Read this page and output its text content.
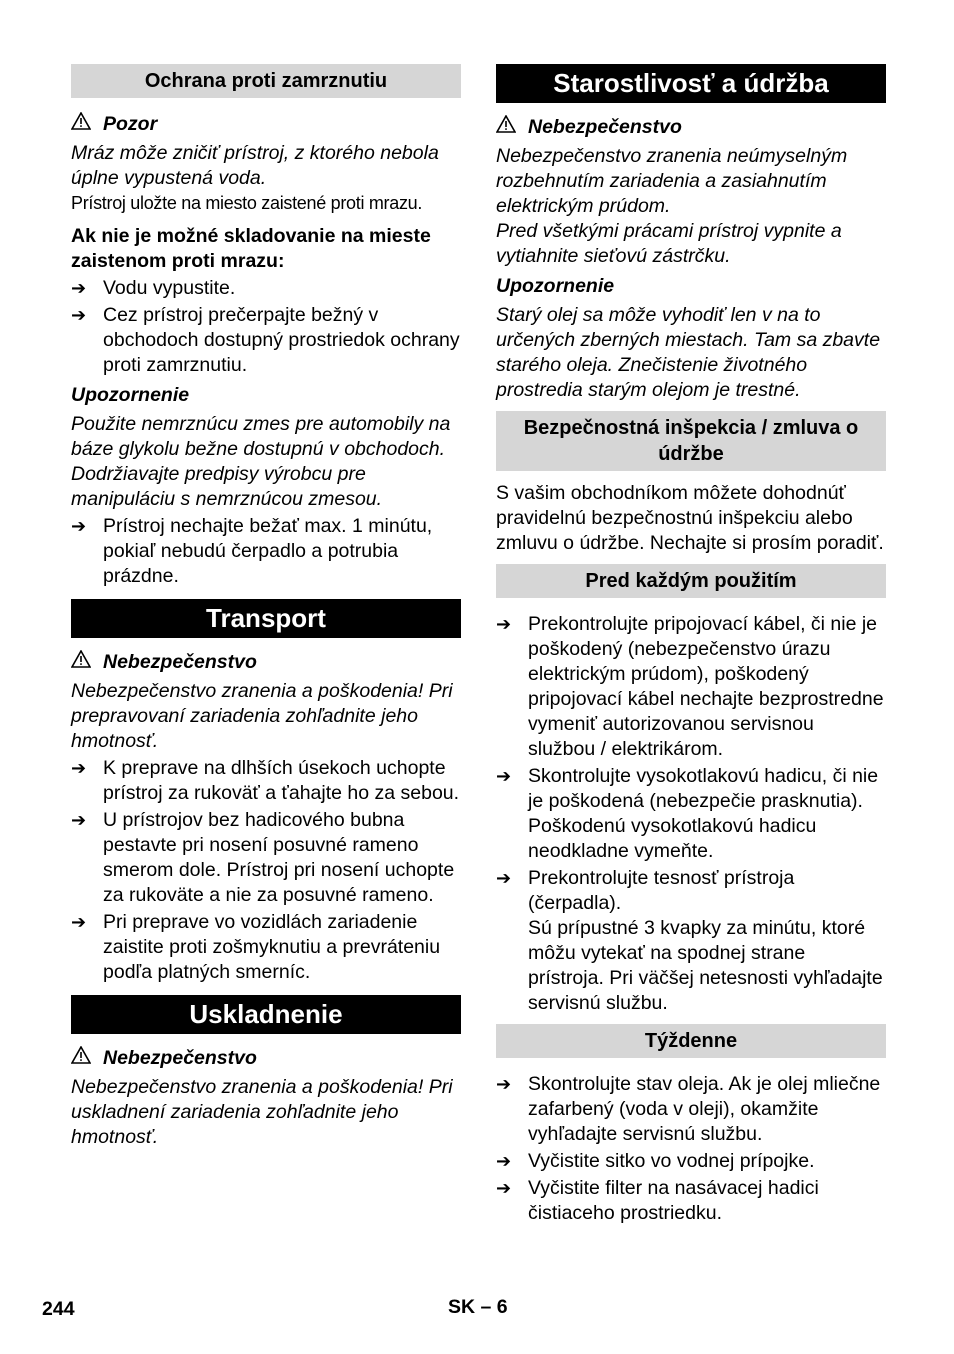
Ochrana proti zamrznutiu
Pozor

Mráz môže zničiť prístroj, z ktorého nebola úplne vypustená voda.

Prístroj uložte na miesto zaistené proti mrazu.

Ak nie je možné skladovanie na mieste zaistenom proti mrazu:

➔ Vodu vypustite.
➔ Cez prístroj prečerpajte bežný v obchodoch dostupný prostriedok ochrany proti zamrznutiu.
Upozornenie

Použite nemrznúcu zmes pre automobily na báze glykolu bežne dostupnú v obchodoch.

Dodržiavajte predpisy výrobcu pre manipuláciu s nemrznúcou zmesou.

➔ Prístroj nechajte bežať max. 1 minútu, pokiaľ nebudú čerpadlo a potrubia prázdne.
Transport
Nebezpečenstvo

Nebezpečenstvo zranenia a poškodenia! Pri prepravovaní zariadenia zohľadnite jeho hmotnosť.

➔ K preprave na dlhších úsekoch uchopte prístroj za rukoväť a ťahajte ho za sebou.
➔ U prístrojov bez hadicového bubna pestavte pri nosení posuvné rameno smerom dole. Prístroj pri nosení uchopte za rukoväte a nie za posuvné rameno.
➔ Pri preprave vo vozidlách zariadenie zaistite proti zošmyknutiu a prevráteniu podľa platných smerníc.
Uskladnenie
Nebezpečenstvo

Nebezpečenstvo zranenia a poškodenia! Pri uskladnení zariadenia zohľadnite jeho hmotnosť.

Starostlivosť a údržba
Nebezpečenstvo

Nebezpečenstvo zranenia neúmyselným rozbehnutím zariadenia a zasiahnutím elektrickým prúdom.

Pred všetkými prácami prístroj vypnite a vytiahnite sieťovú zástrčku.

Upozornenie

Starý olej sa môže vyhodiť len v na to určených zberných miestach. Tam sa zbavte starého oleja. Znečistenie životného prostredia starým olejom je trestné.

Bezpečnostná inšpekcia / zmluva o údržbe

S vašim obchodníkom môžete dohodnúť pravidelnú bezpečnostnú inšpekciu alebo zmluvu o údržbe. Nechajte si prosím poradiť.

Pred každým použitím
➔ Prekontrolujte pripojovací kábel, či nie je poškodený (nebezpečenstvo úrazu elektrickým prúdom), poškodený pripojovací kábel nechajte bezprostredne vymeniť autorizovanou servisnou službou / elektrikárom.
➔ Skontrolujte vysokotlakovú hadicu, či nie je poškodená (nebezpečie prasknutia).

Poškodenú vysokotlakovú hadicu neodkladne vymeňte.

➔ Prekontrolujte tesnosť prístroja (čerpadla).

Sú prípustné 3 kvapky za minútu, ktoré môžu vytekať na spodnej strane prístroja. Pri väčšej netesnosti vyhľadajte servisnú službu.

Týždenne
➔ Skontrolujte stav oleja. Ak je olej mliečne zafarbený (voda v oleji), okamžite vyhľadajte servisnú službu.
➔ Vyčistite sitko vo vodnej prípojke.
➔ Vyčistite filter na nasávacej hadici čistiaceho prostriedku.
244	SK – 6
